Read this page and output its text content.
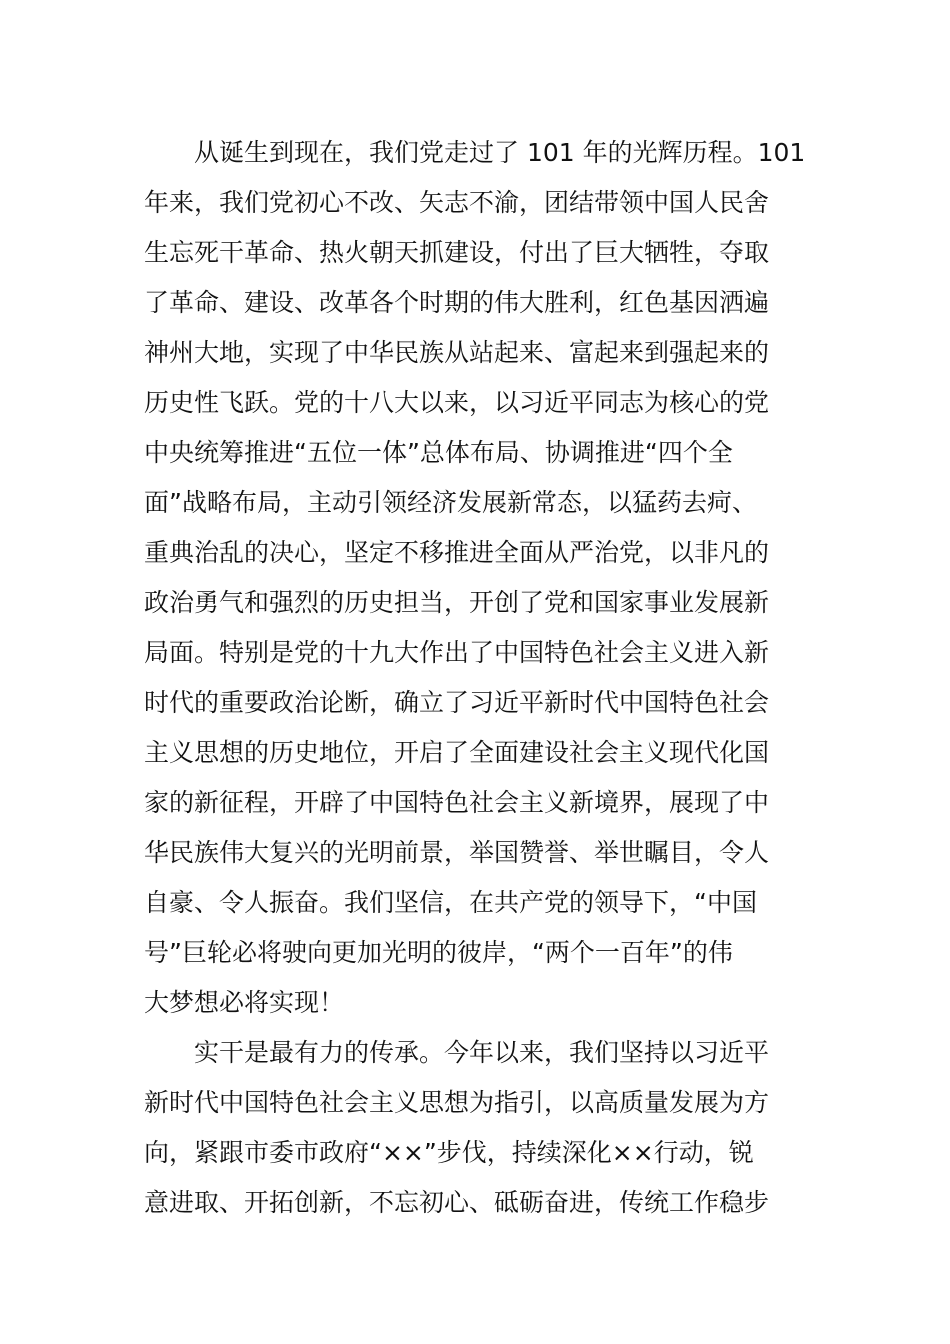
从诞生到现在，我们党走过了 101 年的光辉历程。101
年来，我们党初心不改、矢志不渝，团结带领中国人民舍
生忘死干革命、热火朝天抓建设，付出了巨大牺牲，夺取
了革命、建设、改革各个时期的伟大胜利，红色基因洒遍
神州大地，实现了中华民族从站起来、富起来到强起来的
历史性飞跃。党的十八大以来，以习近平同志为核心的党
中央统筹推进“五位一体”总体布局、协调推进“四个全
面”战略布局，主动引领经济发展新常态，以猛药去疴、
重典治乱的决心，坚定不移推进全面从严治党，以非凡的
政治勇气和强烈的历史担当，开创了党和国家事业发展新
局面。特别是党的十九大作出了中国特色社会主义进入新
时代的重要政治论断，确立了习近平新时代中国特色社会
主义思想的历史地位，开启了全面建设社会主义现代化国
家的新征程，开辟了中国特色社会主义新境界，展现了中
华民族伟大复兴的光明前景，举国赞誉、举世瞩目，令人
自豪、令人振奋。我们坚信，在共产党的领导下，“中国
号”巨轮必将驶向更加光明的彼岸，“两个一百年”的伟
大梦想必将实现！
实干是最有力的传承。今年以来，我们坚持以习近平
新时代中国特色社会主义思想为指引，以高质量发展为方
向，紧跟市委市政府“××”步伐，持续深化××行动，锐
意进取、开拓创新，不忘初心、砥砺奋进，传统工作稳步
